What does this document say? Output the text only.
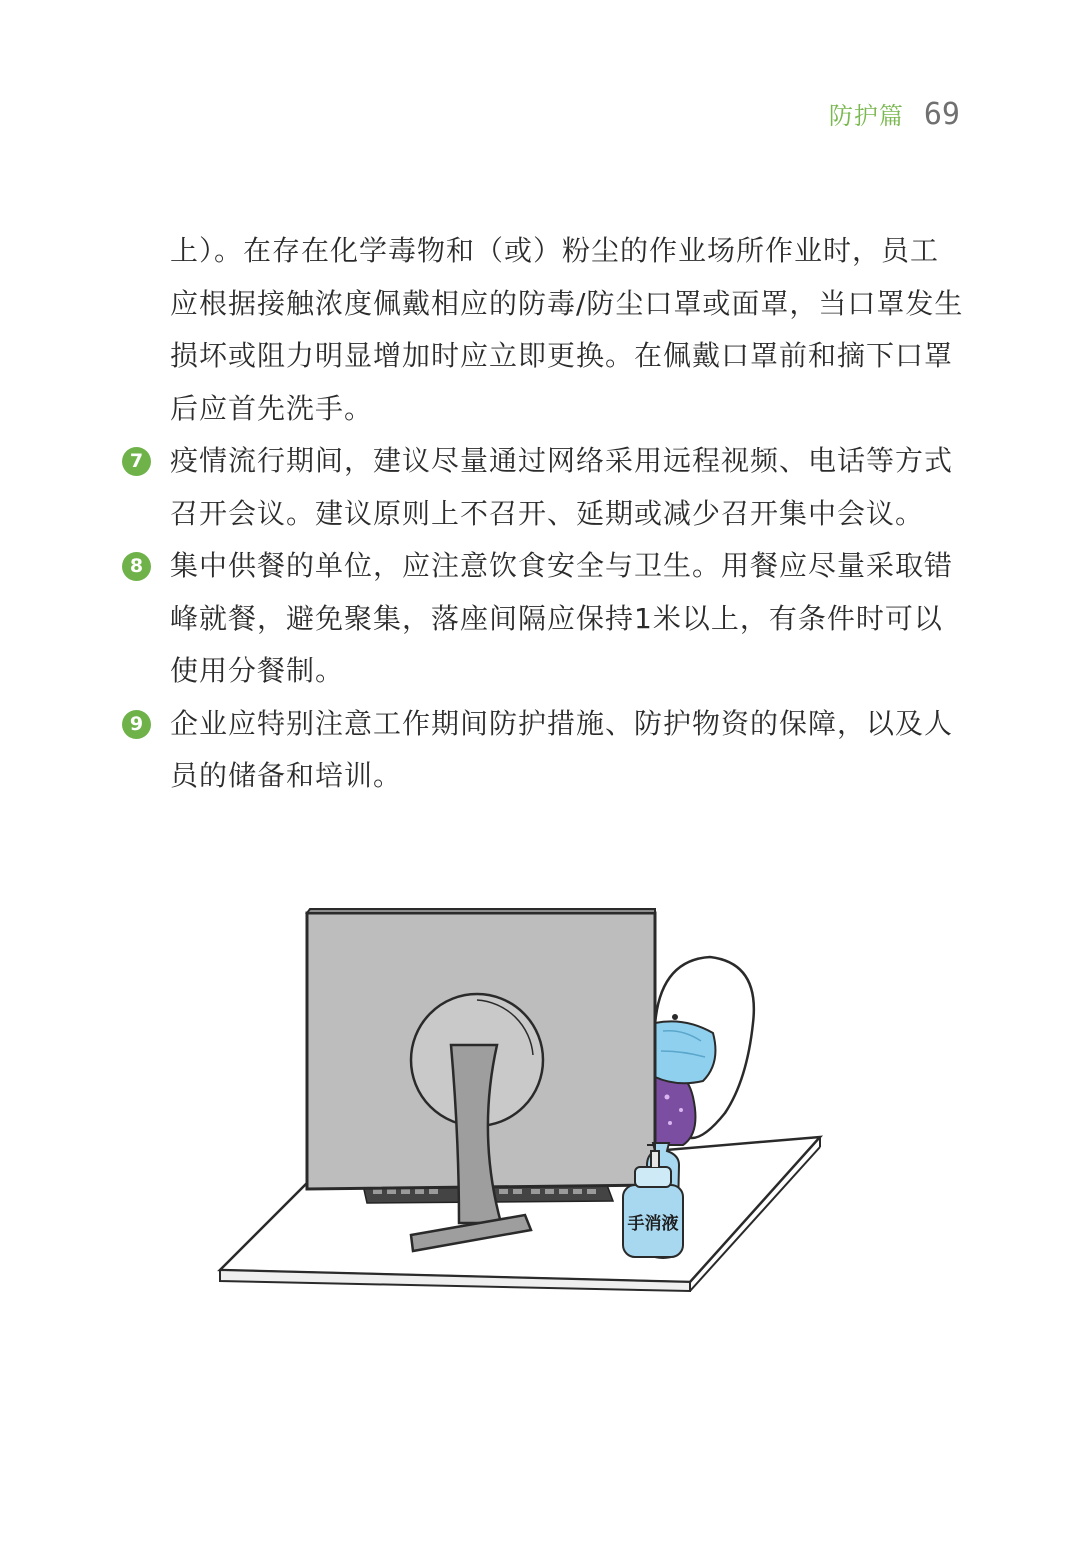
防护篇 69

上）。在存在化学毒物和（或）粉尘的作业场所作业时，员工应根据接触浓度佩戴相应的防毒/防尘口罩或面罩，当口罩发生损坏或阻力明显增加时应立即更换。在佩戴口罩前和摘下口罩后应首先洗手。

7 疫情流行期间，建议尽量通过网络采用远程视频、电话等方式召开会议。建议原则上不召开、延期或减少召开集中会议。

8 集中供餐的单位，应注意饮食安全与卫生。用餐应尽量采取错峰就餐，避免聚集，落座间隔应保持1米以上，有条件时可以使用分餐制。

9 企业应特别注意工作期间防护措施、防护物资的保障，以及人员的储备和培训。

手消液
